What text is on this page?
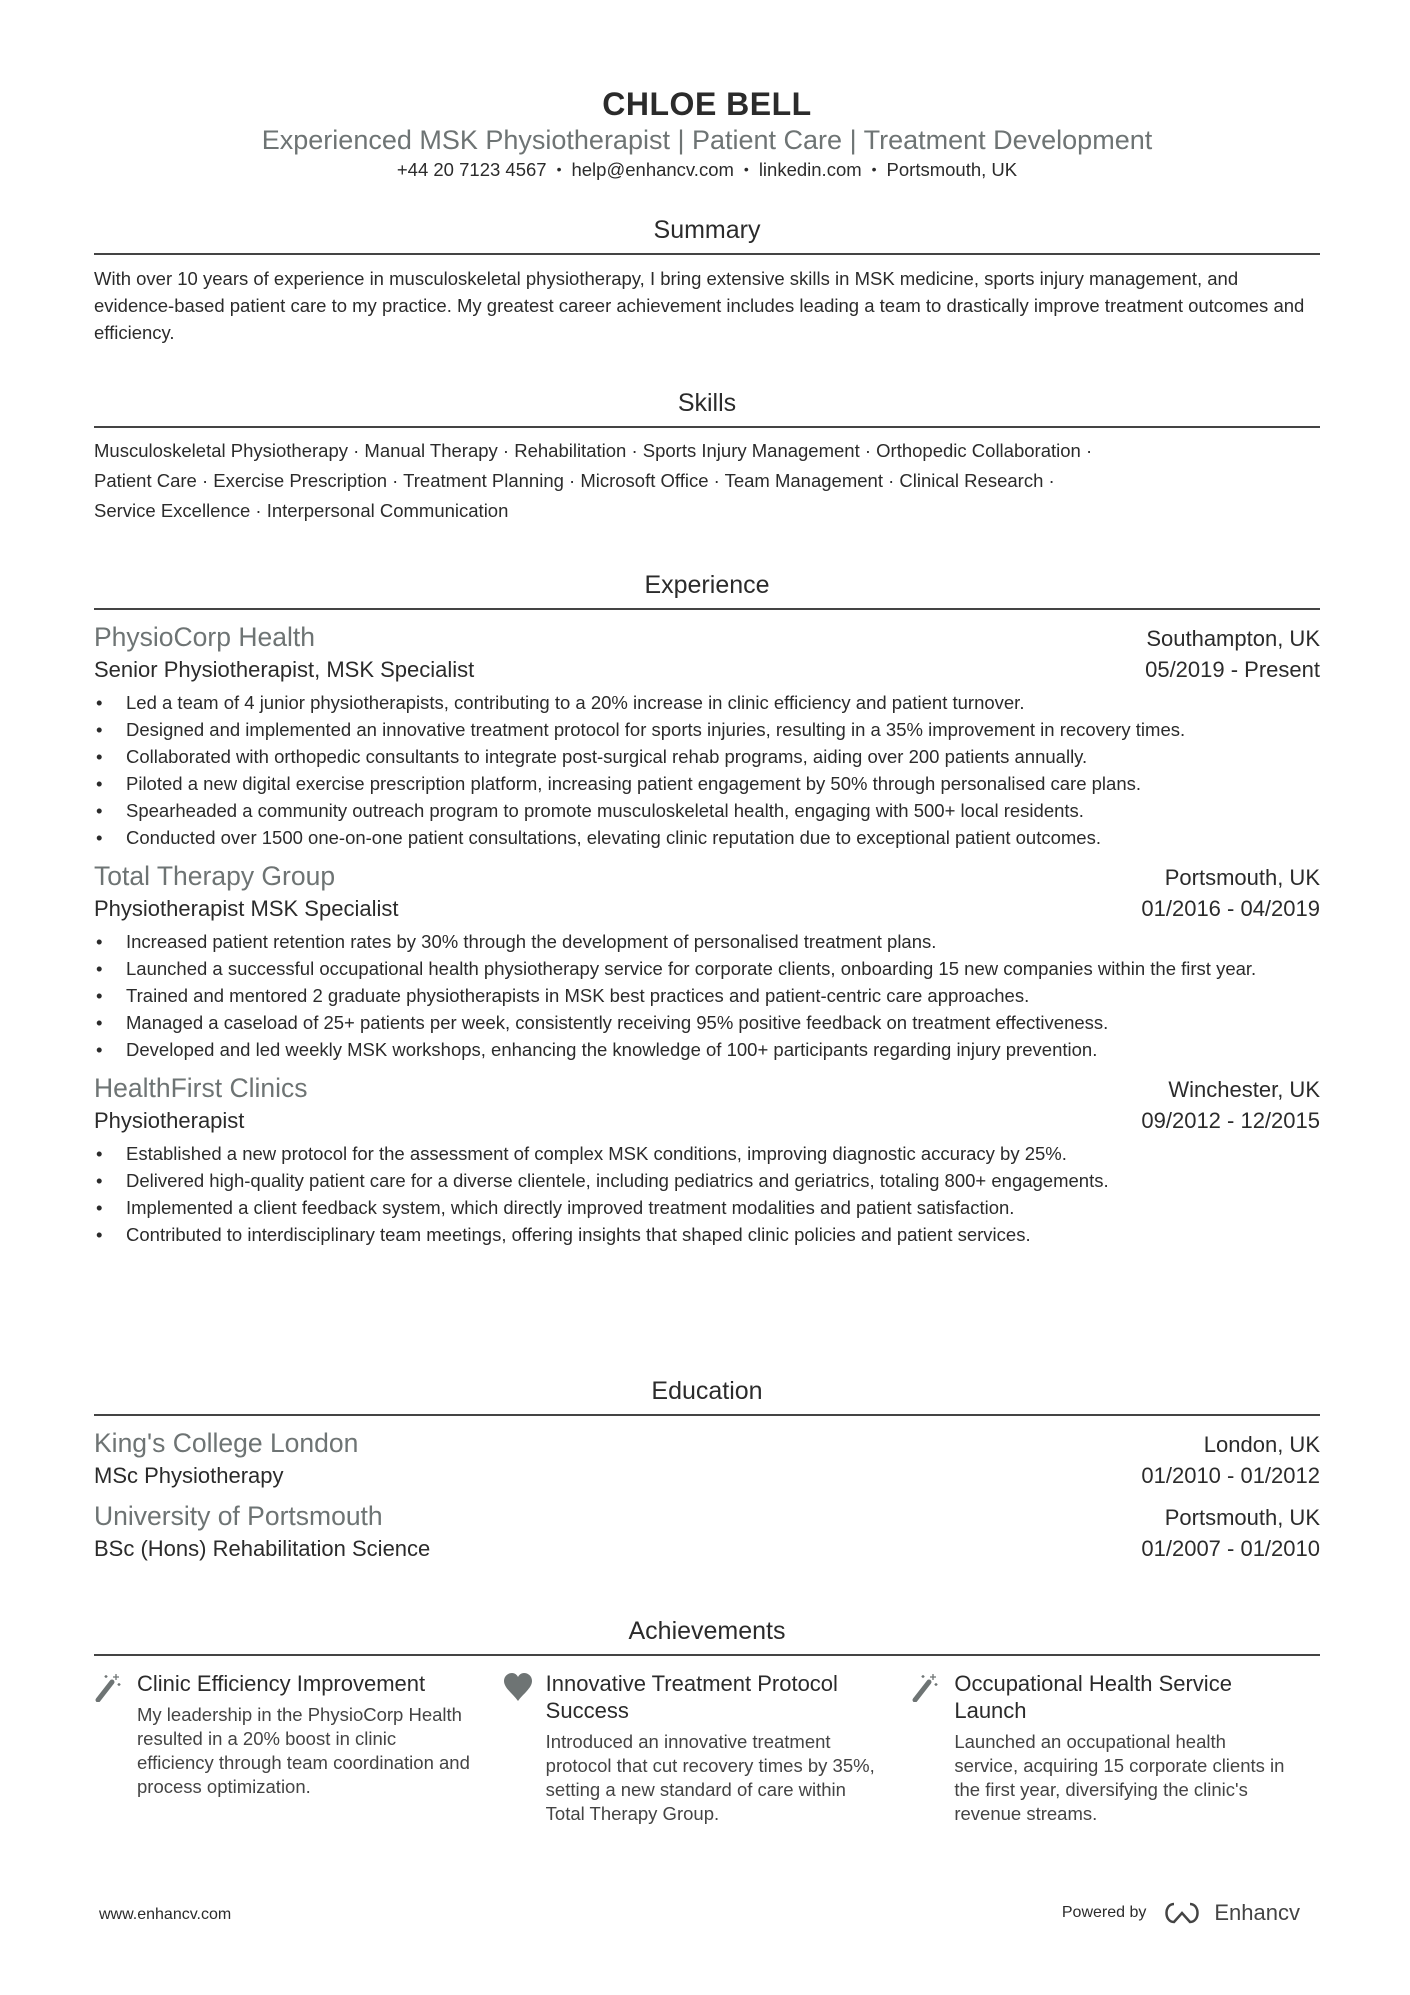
CHLOE BELL
Experienced MSK Physiotherapist | Patient Care | Treatment Development
+44 20 7123 4567 • help@enhancv.com • linkedin.com • Portsmouth, UK
Summary

With over 10 years of experience in musculoskeletal physiotherapy, I bring extensive skills in MSK medicine, sports injury management, and evidence-based patient care to my practice. My greatest career achievement includes leading a team to drastically improve treatment outcomes and efficiency.

Skills
Musculoskeletal Physiotherapy · Manual Therapy · Rehabilitation · Sports Injury Management · Orthopedic Collaboration ·
Patient Care · Exercise Prescription · Treatment Planning · Microsoft Office · Team Management · Clinical Research ·
Service Excellence · Interpersonal Communication
Experience
PhysioCorp Health	Southampton, UK
Senior Physiotherapist, MSK Specialist	05/2019 - Present
• Led a team of 4 junior physiotherapists, contributing to a 20% increase in clinic efficiency and patient turnover.
• Designed and implemented an innovative treatment protocol for sports injuries, resulting in a 35% improvement in recovery times.
• Collaborated with orthopedic consultants to integrate post-surgical rehab programs, aiding over 200 patients annually.
• Piloted a new digital exercise prescription platform, increasing patient engagement by 50% through personalised care plans.
• Spearheaded a community outreach program to promote musculoskeletal health, engaging with 500+ local residents.
• Conducted over 1500 one-on-one patient consultations, elevating clinic reputation due to exceptional patient outcomes.
Total Therapy Group	Portsmouth, UK
Physiotherapist MSK Specialist	01/2016 - 04/2019
• Increased patient retention rates by 30% through the development of personalised treatment plans.
• Launched a successful occupational health physiotherapy service for corporate clients, onboarding 15 new companies within the first year.
• Trained and mentored 2 graduate physiotherapists in MSK best practices and patient-centric care approaches.
• Managed a caseload of 25+ patients per week, consistently receiving 95% positive feedback on treatment effectiveness.
• Developed and led weekly MSK workshops, enhancing the knowledge of 100+ participants regarding injury prevention.
HealthFirst Clinics	Winchester, UK
Physiotherapist	09/2012 - 12/2015
• Established a new protocol for the assessment of complex MSK conditions, improving diagnostic accuracy by 25%.
• Delivered high-quality patient care for a diverse clientele, including pediatrics and geriatrics, totaling 800+ engagements.
• Implemented a client feedback system, which directly improved treatment modalities and patient satisfaction.
• Contributed to interdisciplinary team meetings, offering insights that shaped clinic policies and patient services.
Education
King's College London	London, UK
MSc Physiotherapy	01/2010 - 01/2012
University of Portsmouth	Portsmouth, UK
BSc (Hons) Rehabilitation Science	01/2007 - 01/2010
Achievements
Clinic Efficiency Improvement
My leadership in the PhysioCorp Health resulted in a 20% boost in clinic efficiency through team coordination and process optimization.
Innovative Treatment Protocol Success
Introduced an innovative treatment protocol that cut recovery times by 35%, setting a new standard of care within Total Therapy Group.
Occupational Health Service Launch
Launched an occupational health service, acquiring 15 corporate clients in the first year, diversifying the clinic's revenue streams.
www.enhancv.com	Powered by	Enhancv
